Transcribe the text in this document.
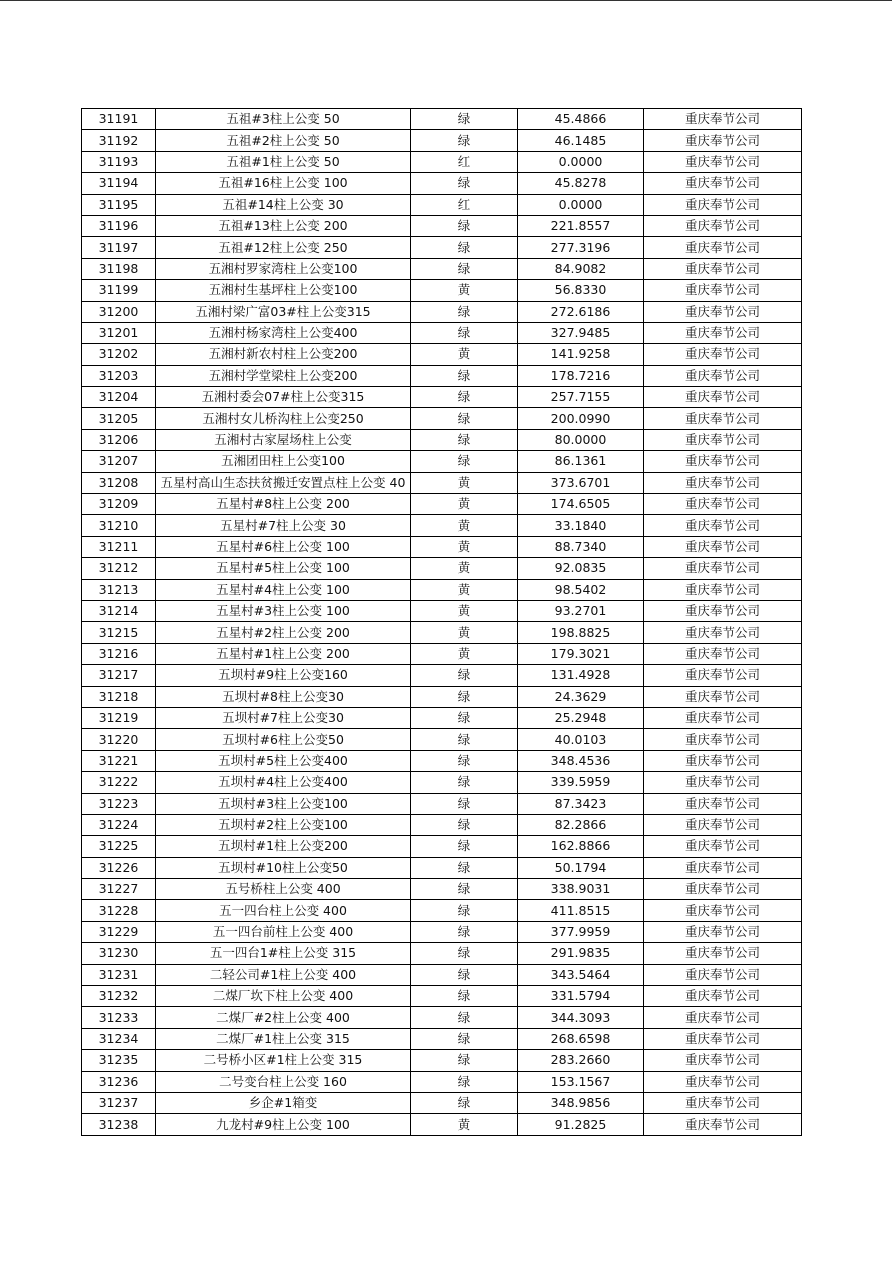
31191	五祖#3柱上公变 50	绿	45.4866	重庆奉节公司
31192	五祖#2柱上公变 50	绿	46.1485	重庆奉节公司
31193	五祖#1柱上公变 50	红	0.0000	重庆奉节公司
31194	五祖#16柱上公变 100	绿	45.8278	重庆奉节公司
31195	五祖#14柱上公变 30	红	0.0000	重庆奉节公司
31196	五祖#13柱上公变 200	绿	221.8557	重庆奉节公司
31197	五祖#12柱上公变 250	绿	277.3196	重庆奉节公司
31198	五湘村罗家湾柱上公变100	绿	84.9082	重庆奉节公司
31199	五湘村生基坪柱上公变100	黄	56.8330	重庆奉节公司
31200	五湘村梁广富03#柱上公变315	绿	272.6186	重庆奉节公司
31201	五湘村杨家湾柱上公变400	绿	327.9485	重庆奉节公司
31202	五湘村新农村柱上公变200	黄	141.9258	重庆奉节公司
31203	五湘村学堂梁柱上公变200	绿	178.7216	重庆奉节公司
31204	五湘村委会07#柱上公变315	绿	257.7155	重庆奉节公司
31205	五湘村女儿桥沟柱上公变250	绿	200.0990	重庆奉节公司
31206	五湘村古家屋场柱上公变	绿	80.0000	重庆奉节公司
31207	五湘团田柱上公变100	绿	86.1361	重庆奉节公司
31208	五星村高山生态扶贫搬迁安置点柱上公变 40	黄	373.6701	重庆奉节公司
31209	五星村#8柱上公变 200	黄	174.6505	重庆奉节公司
31210	五星村#7柱上公变 30	黄	33.1840	重庆奉节公司
31211	五星村#6柱上公变 100	黄	88.7340	重庆奉节公司
31212	五星村#5柱上公变 100	黄	92.0835	重庆奉节公司
31213	五星村#4柱上公变 100	黄	98.5402	重庆奉节公司
31214	五星村#3柱上公变 100	黄	93.2701	重庆奉节公司
31215	五星村#2柱上公变 200	黄	198.8825	重庆奉节公司
31216	五星村#1柱上公变 200	黄	179.3021	重庆奉节公司
31217	五坝村#9柱上公变160	绿	131.4928	重庆奉节公司
31218	五坝村#8柱上公变30	绿	24.3629	重庆奉节公司
31219	五坝村#7柱上公变30	绿	25.2948	重庆奉节公司
31220	五坝村#6柱上公变50	绿	40.0103	重庆奉节公司
31221	五坝村#5柱上公变400	绿	348.4536	重庆奉节公司
31222	五坝村#4柱上公变400	绿	339.5959	重庆奉节公司
31223	五坝村#3柱上公变100	绿	87.3423	重庆奉节公司
31224	五坝村#2柱上公变100	绿	82.2866	重庆奉节公司
31225	五坝村#1柱上公变200	绿	162.8866	重庆奉节公司
31226	五坝村#10柱上公变50	绿	50.1794	重庆奉节公司
31227	五号桥柱上公变 400	绿	338.9031	重庆奉节公司
31228	五一四台柱上公变 400	绿	411.8515	重庆奉节公司
31229	五一四台前柱上公变 400	绿	377.9959	重庆奉节公司
31230	五一四台1#柱上公变 315	绿	291.9835	重庆奉节公司
31231	二轻公司#1柱上公变 400	绿	343.5464	重庆奉节公司
31232	二煤厂坎下柱上公变 400	绿	331.5794	重庆奉节公司
31233	二煤厂#2柱上公变 400	绿	344.3093	重庆奉节公司
31234	二煤厂#1柱上公变 315	绿	268.6598	重庆奉节公司
31235	二号桥小区#1柱上公变 315	绿	283.2660	重庆奉节公司
31236	二号变台柱上公变 160	绿	153.1567	重庆奉节公司
31237	乡企#1箱变	绿	348.9856	重庆奉节公司
31238	九龙村#9柱上公变 100	黄	91.2825	重庆奉节公司
